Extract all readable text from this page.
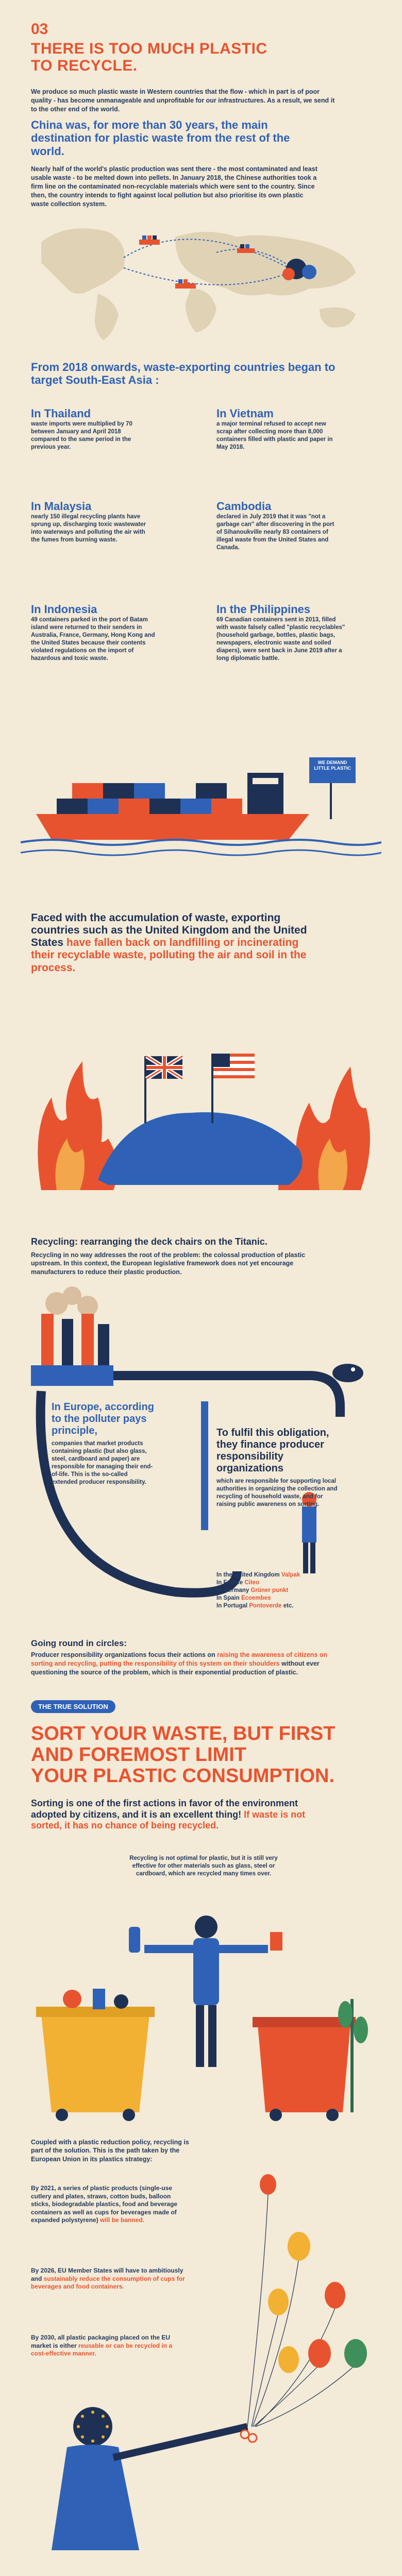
03
THERE IS TOO MUCH PLASTIC
TO RECYCLE.
We produce so much plastic waste in Western countries that the flow - which in part is of poor quality - has become unmanageable and unprofitable for our infrastructures. As a result, we send it to the other end of the world.
China was, for more than 30 years, the main destination for plastic waste from the rest of the world.
Nearly half of the world's plastic production was sent there - the most contaminated and least usable waste - to be melted down into pellets. In January 2018, the Chinese authorities took a firm line on the contaminated non-recyclable materials which were sent to the country. Since then, the country intends to fight against local pollution but also prioritise its own plastic waste collection system.
From 2018 onwards, waste-exporting countries began to target South-East Asia :
In Thailand
waste imports were multiplied by 70 between January and April 2018 compared to the same period in the previous year.
In Vietnam
a major terminal refused to accept new scrap after collecting more than 8,000 containers filled with plastic and paper in May 2018.
In Malaysia
nearly 150 illegal recycling plants have sprung up, discharging toxic wastewater into waterways and polluting the air with the fumes from burning waste.
Cambodia
declared in July 2019 that it was "not a garbage can" after discovering in the port of Sihanoukville nearly 83 containers of illegal waste from the United States and Canada.
In Indonesia
49 containers parked in the port of Batam island were returned to their senders in Australia, France, Germany, Hong Kong and the United States because their contents violated regulations on the import of hazardous and toxic waste.
In the Philippines
69 Canadian containers sent in 2013, filled with waste falsely called "plastic recyclables" (household garbage, bottles, plastic bags, newspapers, electronic waste and soiled diapers), were sent back in June 2019 after a long diplomatic battle.
WE DEMAND LITTLE PLASTIC
Faced with the accumulation of waste, exporting countries such as the United Kingdom and the United States have fallen back on landfilling or incinerating their recyclable waste, polluting the air and soil in the process.
Recycling: rearranging the deck chairs on the Titanic.
Recycling in no way addresses the root of the problem: the colossal production of plastic upstream. In this context, the European legislative framework does not yet encourage manufacturers to reduce their plastic production.
In Europe, according to the polluter pays principle,
companies that market products containing plastic (but also glass, steel, cardboard and paper) are responsible for managing their end-of-life. This is the so-called extended producer responsibility.
To fulfil this obligation, they finance producer responsibility organizations
which are responsible for supporting local authorities in organizing the collection and recycling of household waste, and for raising public awareness on sorting.
In the United Kingdom Valpak
In France Citeo
In Germany Grüner punkt
In Spain Ecoembes
In Portugal Pontoverde etc.
Going round in circles:
Producer responsibility organizations focus their actions on raising the awareness of citizens on sorting and recycling, putting the responsibility of this system on their shoulders without ever questioning the source of the problem, which is their exponential production of plastic.
THE TRUE SOLUTION
SORT YOUR WASTE, BUT FIRST
AND FOREMOST LIMIT
YOUR PLASTIC CONSUMPTION.
Sorting is one of the first actions in favor of the environment adopted by citizens, and it is an excellent thing! If waste is not sorted, it has no chance of being recycled.
Recycling is not optimal for plastic, but it is still very effective for other materials such as glass, steel or cardboard, which are recycled many times over.
Coupled with a plastic reduction policy, recycling is part of the solution. This is the path taken by the European Union in its plastics strategy:
By 2021, a series of plastic products (single-use cutlery and plates, straws, cotton buds, balloon sticks, biodegradable plastics, food and beverage containers as well as cups for beverages made of expanded polystyrene) will be banned.
By 2026, EU Member States will have to ambitiously and sustainably reduce the consumption of cups for beverages and food containers.
By 2030, all plastic packaging placed on the EU market is either reusable or can be recycled in a cost-effective manner.
